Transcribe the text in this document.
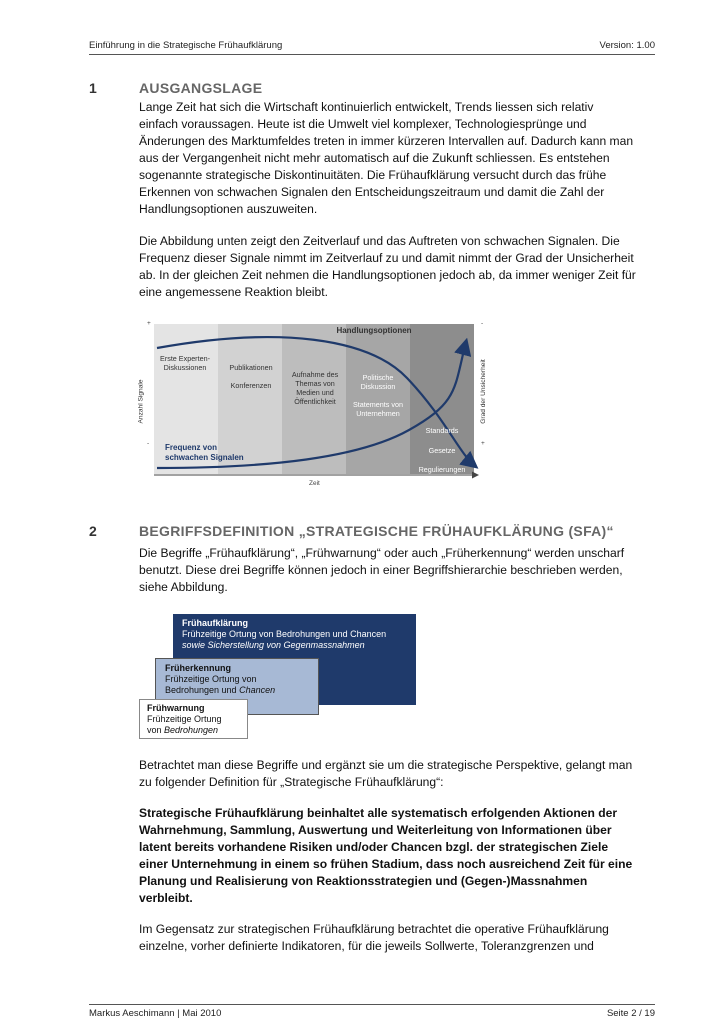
Einführung in die Strategische Frühaufklärung	Version: 1.00
1	AUSGANGSLAGE
Lange Zeit hat sich die Wirtschaft kontinuierlich entwickelt, Trends liessen sich relativ
einfach voraussagen. Heute ist die Umwelt viel komplexer, Technologiesprünge und
Änderungen des Marktumfeldes treten in immer kürzeren Intervallen auf. Dadurch kann man
aus der Vergangenheit nicht mehr automatisch auf die Zukunft schliessen. Es entstehen
sogenannte strategische Diskontinuitäten. Die Frühaufklärung versucht durch das frühe
Erkennen von schwachen Signalen den Entscheidungszeitraum und damit die Zahl der
Handlungsoptionen auszuweiten.
Die Abbildung unten zeigt den Zeitverlauf und das Auftreten von schwachen Signalen. Die
Frequenz dieser Signale nimmt im Zeitverlauf zu und damit nimmt der Grad der Unsicherheit
ab. In der gleichen Zeit nehmen die Handlungsoptionen jedoch ab, da immer weniger Zeit für
eine angemessene Reaktion bleibt.
+
-
-
+
Handlungsoptionen
Anzahl Signale	Grad der Unsicherheit
Erste Experten-
Diskussionen	Publikationen
Konferenzen
Aufnahme des
Themas von
Medien und
Öffentlichkeit
Politische
Diskussion
Statements von
Unternehmen
Standards
Gesetze
Regulierungen
Frequenz von
schwachen Signalen
Zeit
2	BEGRIFFSDEFINITION „STRATEGISCHE FRÜHAUFKLÄRUNG (SFA)“
Die Begriffe „Frühaufklärung“, „Frühwarnung“ oder auch „Früherkennung“ werden unscharf
benutzt. Diese drei Begriffe können jedoch in einer Begriffshierarchie beschrieben werden,
siehe Abbildung.
Frühaufklärung
Frühzeitige Ortung von Bedrohungen und Chancen
sowie Sicherstellung von Gegenmassnahmen
Früherkennung
Frühzeitige Ortung von
Bedrohungen und Chancen
Frühwarnung
Frühzeitige Ortung
von Bedrohungen
Betrachtet man diese Begriffe und ergänzt sie um die strategische Perspektive, gelangt man
zu folgender Definition für „Strategische Frühaufklärung“:
Strategische Frühaufklärung beinhaltet alle systematisch erfolgenden Aktionen der
Wahrnehmung, Sammlung, Auswertung und Weiterleitung von Informationen über
latent bereits vorhandene Risiken und/oder Chancen bzgl. der strategischen Ziele
einer Unternehmung in einem so frühen Stadium, dass noch ausreichend Zeit für eine
Planung und Realisierung von Reaktionsstrategien und (Gegen-)Massnahmen
verbleibt.
Im Gegensatz zur strategischen Frühaufklärung betrachtet die operative Frühaufklärung
einzelne, vorher definierte Indikatoren, für die jeweils Sollwerte, Toleranzgrenzen und
Markus Aeschimann | Mai 2010	Seite 2 / 19
